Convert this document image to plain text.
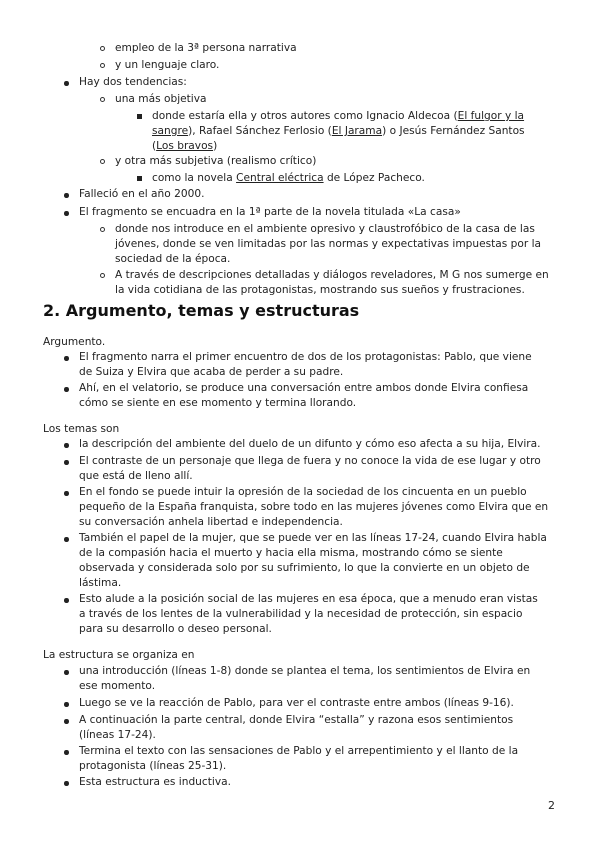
empleo de la 3ª persona narrativa
y un lenguaje claro.
Hay dos tendencias:
una más objetiva
donde estaría ella y otros autores como Ignacio Aldecoa (El fulgor y la
sangre), Rafael Sánchez Ferlosio (El Jarama) o Jesús Fernández Santos
(Los bravos)
y otra más subjetiva (realismo crítico)
como la novela Central eléctrica de López Pacheco.
Falleció en el año 2000.
El fragmento se encuadra en la 1ª parte de la novela titulada «La casa»
donde nos introduce en el ambiente opresivo y claustrofóbico de la casa de las
jóvenes, donde se ven limitadas por las normas y expectativas impuestas por la
sociedad de la época.
A través de descripciones detalladas y diálogos reveladores, M G nos sumerge en
la vida cotidiana de las protagonistas, mostrando sus sueños y frustraciones.
2. Argumento, temas y estructuras
Argumento.
El fragmento narra el primer encuentro de dos de los protagonistas: Pablo, que viene
de Suiza y Elvira que acaba de perder a su padre.
Ahí, en el velatorio, se produce una conversación entre ambos donde Elvira confiesa
cómo se siente en ese momento y termina llorando.
Los temas son
la descripción del ambiente del duelo de un difunto y cómo eso afecta a su hija, Elvira.
El contraste de un personaje que llega de fuera y no conoce la vida de ese lugar y otro
que está de lleno allí.
En el fondo se puede intuir la opresión de la sociedad de los cincuenta en un pueblo
pequeño de la España franquista, sobre todo en las mujeres jóvenes como Elvira que en
su conversación anhela libertad e independencia.
También el papel de la mujer, que se puede ver en las líneas 17-24, cuando Elvira habla
de la compasión hacia el muerto y hacia ella misma, mostrando cómo se siente
observada y considerada solo por su sufrimiento, lo que la convierte en un objeto de
lástima.
Esto alude a la posición social de las mujeres en esa época, que a menudo eran vistas
a través de los lentes de la vulnerabilidad y la necesidad de protección, sin espacio
para su desarrollo o deseo personal.
La estructura se organiza en
una introducción (líneas 1-8) donde se plantea el tema, los sentimientos de Elvira en
ese momento.
Luego se ve la reacción de Pablo, para ver el contraste entre ambos (líneas 9-16).
A continuación la parte central, donde Elvira “estalla” y razona esos sentimientos
(líneas 17-24).
Termina el texto con las sensaciones de Pablo y el arrepentimiento y el llanto de la
protagonista (líneas 25-31).
Esta estructura es inductiva.
2
